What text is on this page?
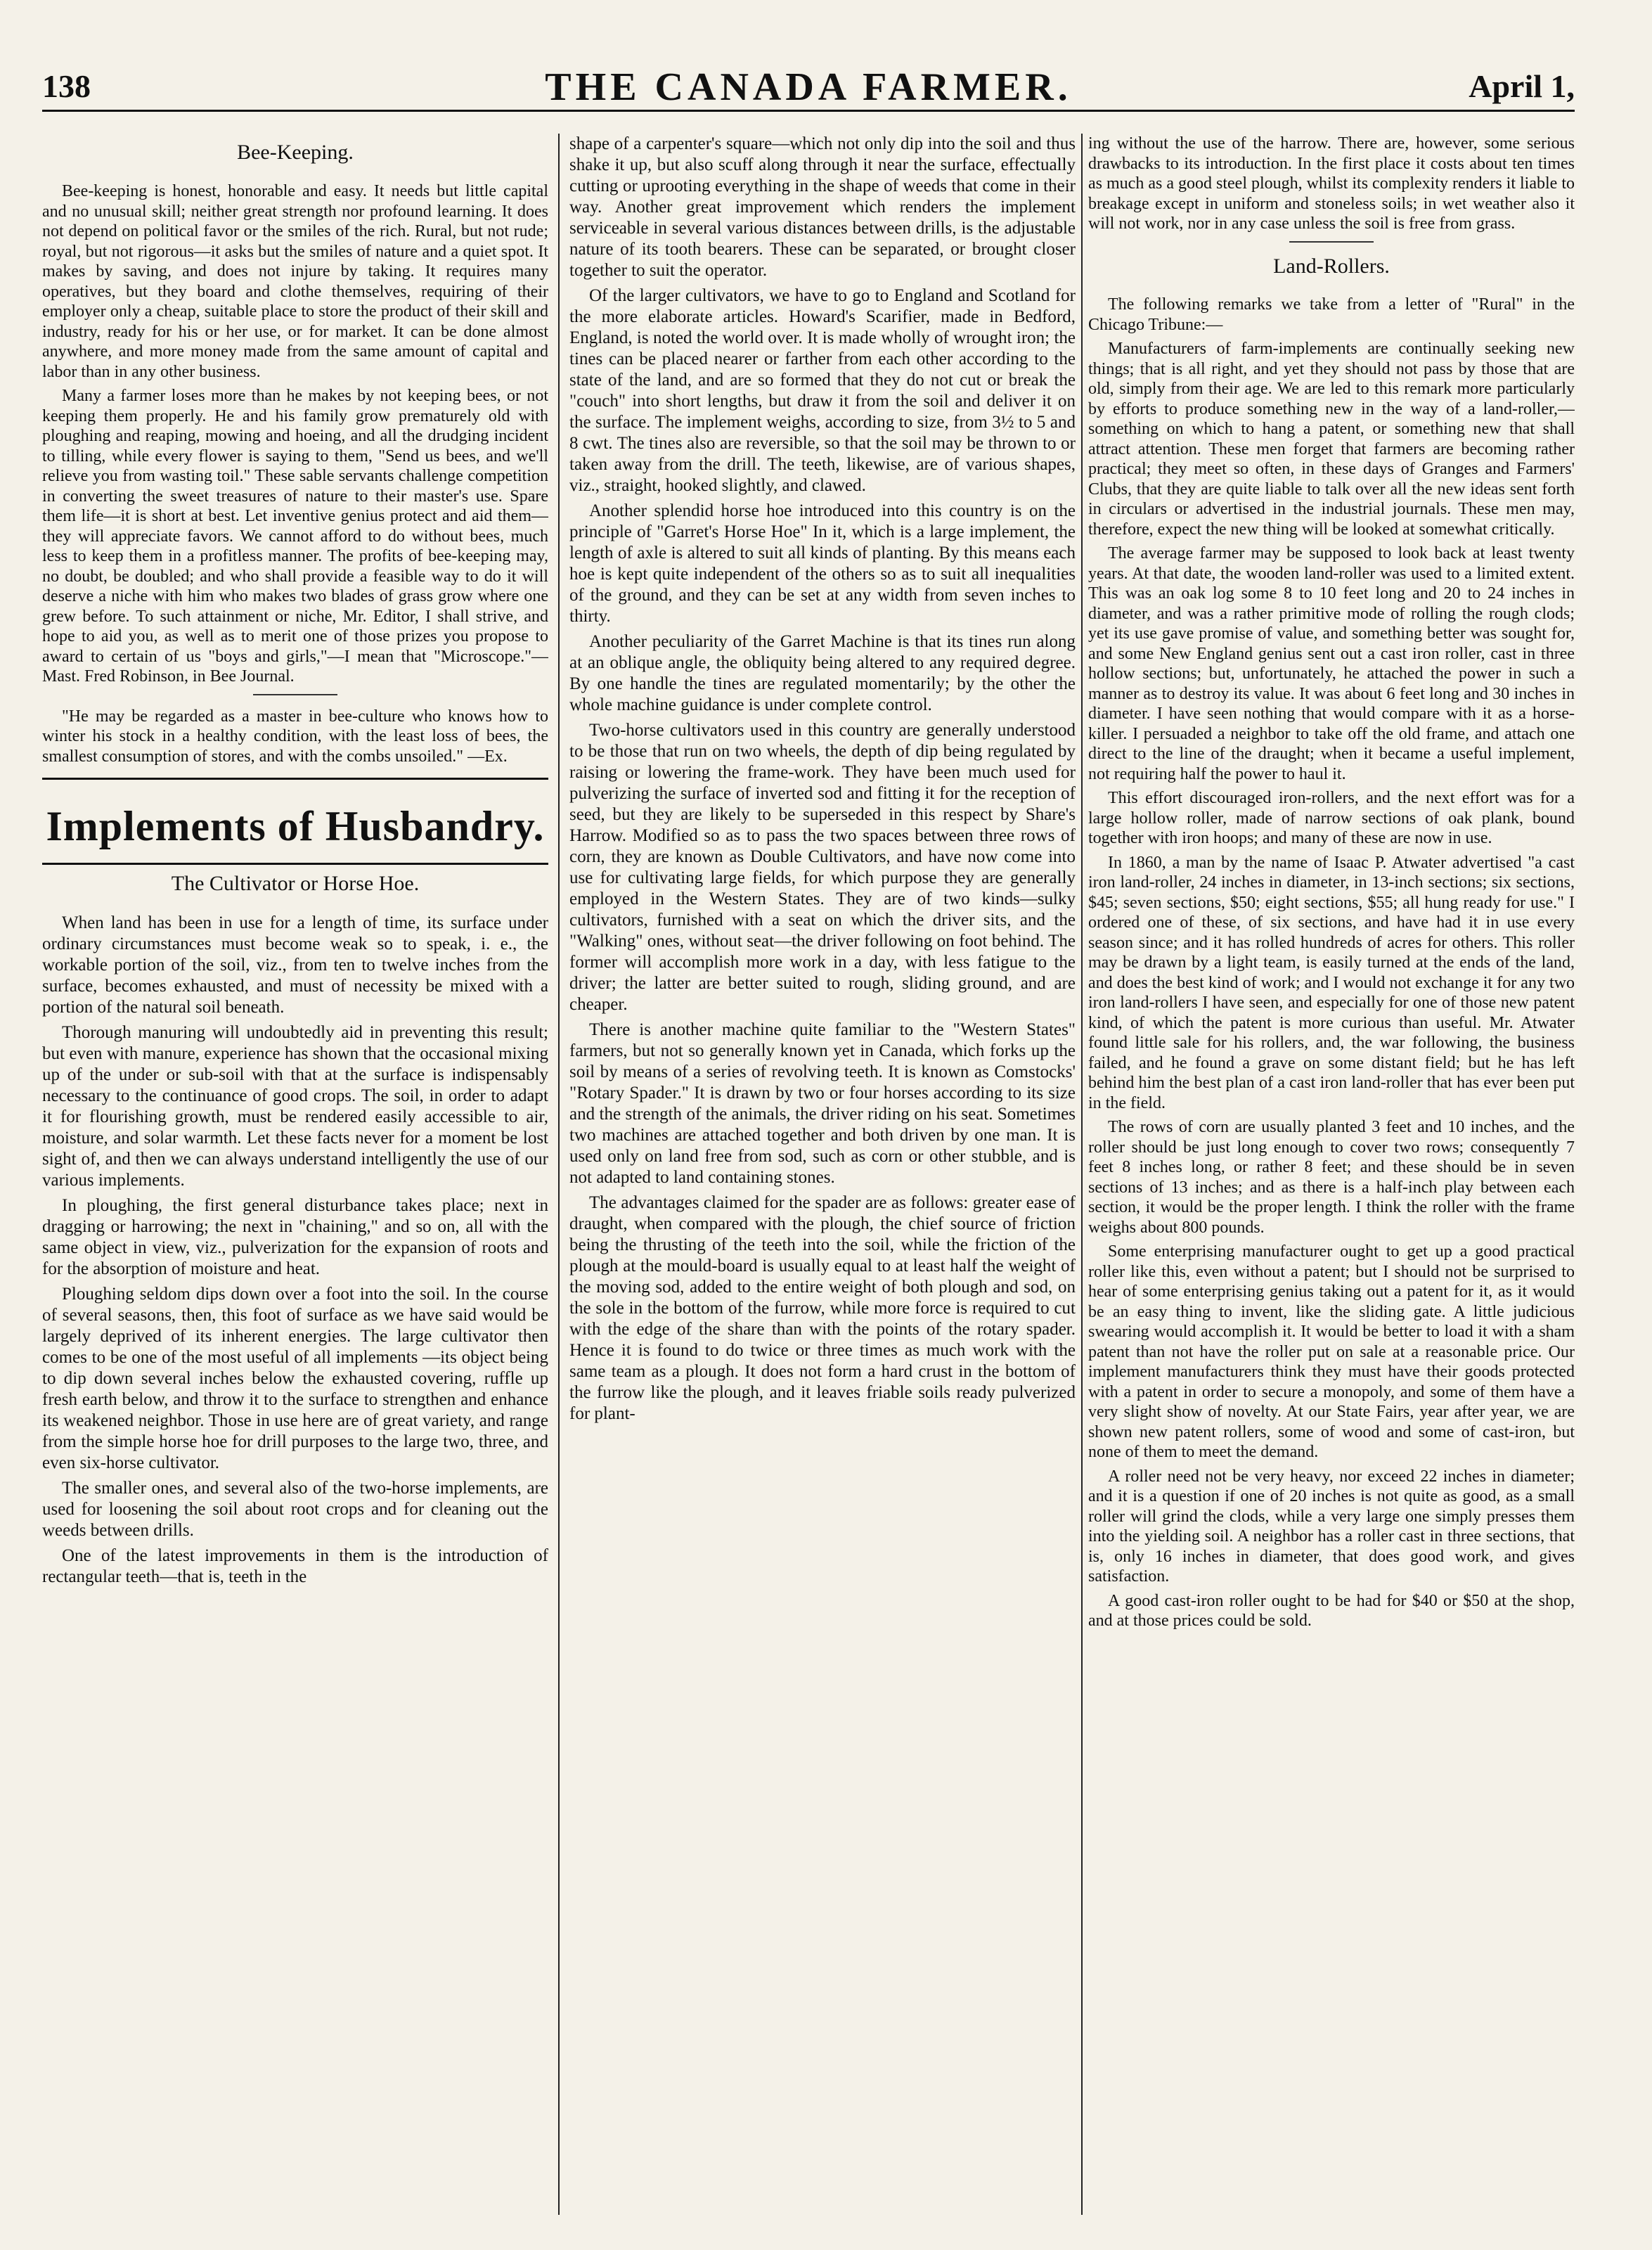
138	THE CANADA FARMER.	April 1,
Bee-Keeping.

Bee-keeping is honest, honorable and easy. It needs but little capital and no unusual skill; neither great strength nor profound learning. It does not depend on political favor or the smiles of the rich. Rural, but not rude; royal, but not rigorous—it asks but the smiles of nature and a quiet spot. It makes by saving, and does not injure by taking. It requires many operatives, but they board and clothe themselves, requiring of their employer only a cheap, suitable place to store the product of their skill and industry, ready for his or her use, or for market. It can be done almost anywhere, and more money made from the same amount of capital and labor than in any other business.

Many a farmer loses more than he makes by not keeping bees, or not keeping them properly. He and his family grow prematurely old with ploughing and reaping, mowing and hoeing, and all the drudging incident to tilling, while every flower is saying to them, "Send us bees, and we'll relieve you from wasting toil." These sable servants challenge competition in converting the sweet treasures of nature to their master's use. Spare them life—it is short at best. Let inventive genius protect and aid them—they will appreciate favors. We cannot afford to do without bees, much less to keep them in a profitless manner. The profits of bee-keeping may, no doubt, be doubled; and who shall provide a feasible way to do it will deserve a niche with him who makes two blades of grass grow where one grew before. To such attainment or niche, Mr. Editor, I shall strive, and hope to aid you, as well as to merit one of those prizes you propose to award to certain of us "boys and girls,"—I mean that "Microscope."—Mast. Fred Robinson, in Bee Journal.

"He may be regarded as a master in bee-culture who knows how to winter his stock in a healthy condition, with the least loss of bees, the smallest consumption of stores, and with the combs unsoiled." —Ex.

Implements of Husbandry.
The Cultivator or Horse Hoe.

When land has been in use for a length of time, its surface under ordinary circumstances must become weak so to speak, i. e., the workable portion of the soil, viz., from ten to twelve inches from the surface, becomes exhausted, and must of necessity be mixed with a portion of the natural soil beneath.

Thorough manuring will undoubtedly aid in preventing this result; but even with manure, experience has shown that the occasional mixing up of the under or sub-soil with that at the surface is indispensably necessary to the continuance of good crops. The soil, in order to adapt it for flourishing growth, must be rendered easily accessible to air, moisture, and solar warmth. Let these facts never for a moment be lost sight of, and then we can always understand intelligently the use of our various implements.

In ploughing, the first general disturbance takes place; next in dragging or harrowing; the next in "chaining," and so on, all with the same object in view, viz., pulverization for the expansion of roots and for the absorption of moisture and heat.

Ploughing seldom dips down over a foot into the soil. In the course of several seasons, then, this foot of surface as we have said would be largely deprived of its inherent energies. The large cultivator then comes to be one of the most useful of all implements —its object being to dip down several inches below the exhausted covering, ruffle up fresh earth below, and throw it to the surface to strengthen and enhance its weakened neighbor. Those in use here are of great variety, and range from the simple horse hoe for drill purposes to the large two, three, and even six-horse cultivator.

The smaller ones, and several also of the two-horse implements, are used for loosening the soil about root crops and for cleaning out the weeds between drills.

One of the latest improvements in them is the introduction of rectangular teeth—that is, teeth in the

shape of a carpenter's square—which not only dip into the soil and thus shake it up, but also scuff along through it near the surface, effectually cutting or uprooting everything in the shape of weeds that come in their way. Another great improvement which renders the implement serviceable in several various distances between drills, is the adjustable nature of its tooth bearers. These can be separated, or brought closer together to suit the operator.

Of the larger cultivators, we have to go to England and Scotland for the more elaborate articles. Howard's Scarifier, made in Bedford, England, is noted the world over. It is made wholly of wrought iron; the tines can be placed nearer or farther from each other according to the state of the land, and are so formed that they do not cut or break the "couch" into short lengths, but draw it from the soil and deliver it on the surface. The implement weighs, according to size, from 3½ to 5 and 8 cwt. The tines also are reversible, so that the soil may be thrown to or taken away from the drill. The teeth, likewise, are of various shapes, viz., straight, hooked slightly, and clawed.

Another splendid horse hoe introduced into this country is on the principle of "Garret's Horse Hoe" In it, which is a large implement, the length of axle is altered to suit all kinds of planting. By this means each hoe is kept quite independent of the others so as to suit all inequalities of the ground, and they can be set at any width from seven inches to thirty.

Another peculiarity of the Garret Machine is that its tines run along at an oblique angle, the obliquity being altered to any required degree. By one handle the tines are regulated momentarily; by the other the whole machine guidance is under complete control.

Two-horse cultivators used in this country are generally understood to be those that run on two wheels, the depth of dip being regulated by raising or lowering the frame-work. They have been much used for pulverizing the surface of inverted sod and fitting it for the reception of seed, but they are likely to be superseded in this respect by Share's Harrow. Modified so as to pass the two spaces between three rows of corn, they are known as Double Cultivators, and have now come into use for cultivating large fields, for which purpose they are generally employed in the Western States. They are of two kinds—sulky cultivators, furnished with a seat on which the driver sits, and the "Walking" ones, without seat—the driver following on foot behind. The former will accomplish more work in a day, with less fatigue to the driver; the latter are better suited to rough, sliding ground, and are cheaper.

There is another machine quite familiar to the "Western States" farmers, but not so generally known yet in Canada, which forks up the soil by means of a series of revolving teeth. It is known as Comstocks' "Rotary Spader." It is drawn by two or four horses according to its size and the strength of the animals, the driver riding on his seat. Sometimes two machines are attached together and both driven by one man. It is used only on land free from sod, such as corn or other stubble, and is not adapted to land containing stones.

The advantages claimed for the spader are as follows: greater ease of draught, when compared with the plough, the chief source of friction being the thrusting of the teeth into the soil, while the friction of the plough at the mould-board is usually equal to at least half the weight of the moving sod, added to the entire weight of both plough and sod, on the sole in the bottom of the furrow, while more force is required to cut with the edge of the share than with the points of the rotary spader. Hence it is found to do twice or three times as much work with the same team as a plough. It does not form a hard crust in the bottom of the furrow like the plough, and it leaves friable soils ready pulverized for plant-

ing without the use of the harrow. There are, however, some serious drawbacks to its introduction. In the first place it costs about ten times as much as a good steel plough, whilst its complexity renders it liable to breakage except in uniform and stoneless soils; in wet weather also it will not work, nor in any case unless the soil is free from grass.

Land-Rollers.

The following remarks we take from a letter of "Rural" in the Chicago Tribune:—

Manufacturers of farm-implements are continually seeking new things; that is all right, and yet they should not pass by those that are old, simply from their age. We are led to this remark more particularly by efforts to produce something new in the way of a land-roller,—something on which to hang a patent, or something new that shall attract attention. These men forget that farmers are becoming rather practical; they meet so often, in these days of Granges and Farmers' Clubs, that they are quite liable to talk over all the new ideas sent forth in circulars or advertised in the industrial journals. These men may, therefore, expect the new thing will be looked at somewhat critically.

The average farmer may be supposed to look back at least twenty years. At that date, the wooden land-roller was used to a limited extent. This was an oak log some 8 to 10 feet long and 20 to 24 inches in diameter, and was a rather primitive mode of rolling the rough clods; yet its use gave promise of value, and something better was sought for, and some New England genius sent out a cast iron roller, cast in three hollow sections; but, unfortunately, he attached the power in such a manner as to destroy its value. It was about 6 feet long and 30 inches in diameter. I have seen nothing that would compare with it as a horse-killer. I persuaded a neighbor to take off the old frame, and attach one direct to the line of the draught; when it became a useful implement, not requiring half the power to haul it.

This effort discouraged iron-rollers, and the next effort was for a large hollow roller, made of narrow sections of oak plank, bound together with iron hoops; and many of these are now in use.

In 1860, a man by the name of Isaac P. Atwater advertised "a cast iron land-roller, 24 inches in diameter, in 13-inch sections; six sections, $45; seven sections, $50; eight sections, $55; all hung ready for use." I ordered one of these, of six sections, and have had it in use every season since; and it has rolled hundreds of acres for others. This roller may be drawn by a light team, is easily turned at the ends of the land, and does the best kind of work; and I would not exchange it for any two iron land-rollers I have seen, and especially for one of those new patent kind, of which the patent is more curious than useful. Mr. Atwater found little sale for his rollers, and, the war following, the business failed, and he found a grave on some distant field; but he has left behind him the best plan of a cast iron land-roller that has ever been put in the field.

The rows of corn are usually planted 3 feet and 10 inches, and the roller should be just long enough to cover two rows; consequently 7 feet 8 inches long, or rather 8 feet; and these should be in seven sections of 13 inches; and as there is a half-inch play between each section, it would be the proper length. I think the roller with the frame weighs about 800 pounds.

Some enterprising manufacturer ought to get up a good practical roller like this, even without a patent; but I should not be surprised to hear of some enterprising genius taking out a patent for it, as it would be an easy thing to invent, like the sliding gate. A little judicious swearing would accomplish it. It would be better to load it with a sham patent than not have the roller put on sale at a reasonable price. Our implement manufacturers think they must have their goods protected with a patent in order to secure a monopoly, and some of them have a very slight show of novelty. At our State Fairs, year after year, we are shown new patent rollers, some of wood and some of cast-iron, but none of them to meet the demand.

A roller need not be very heavy, nor exceed 22 inches in diameter; and it is a question if one of 20 inches is not quite as good, as a small roller will grind the clods, while a very large one simply presses them into the yielding soil. A neighbor has a roller cast in three sections, that is, only 16 inches in diameter, that does good work, and gives satisfaction.

A good cast-iron roller ought to be had for $40 or $50 at the shop, and at those prices could be sold.
